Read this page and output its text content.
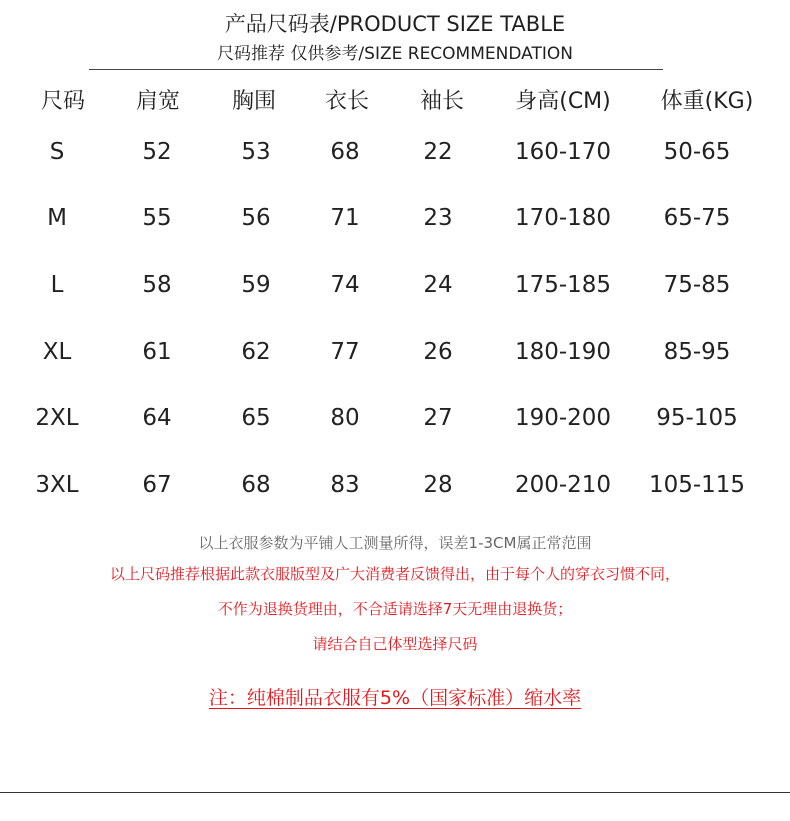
产品尺码表/PRODUCT SIZE TABLE
尺码推荐 仅供参考/SIZE RECOMMENDATION
尺码	肩宽	胸围	衣长	袖长	身高(CM)	体重(KG)
S	52	53	68	22	160-170	50-65
M	55	56	71	23	170-180	65-75
L	58	59	74	24	175-185	75-85
XL	61	62	77	26	180-190	85-95
2XL	64	65	80	27	190-200	95-105
3XL	67	68	83	28	200-210	105-115
以上衣服参数为平铺人工测量所得，误差1-3CM属正常范围
以上尺码推荐根据此款衣服版型及广大消费者反馈得出，由于每个人的穿衣习惯不同，
不作为退换货理由，不合适请选择7天无理由退换货；
请结合自己体型选择尺码
注：纯棉制品衣服有5%（国家标准）缩水率
